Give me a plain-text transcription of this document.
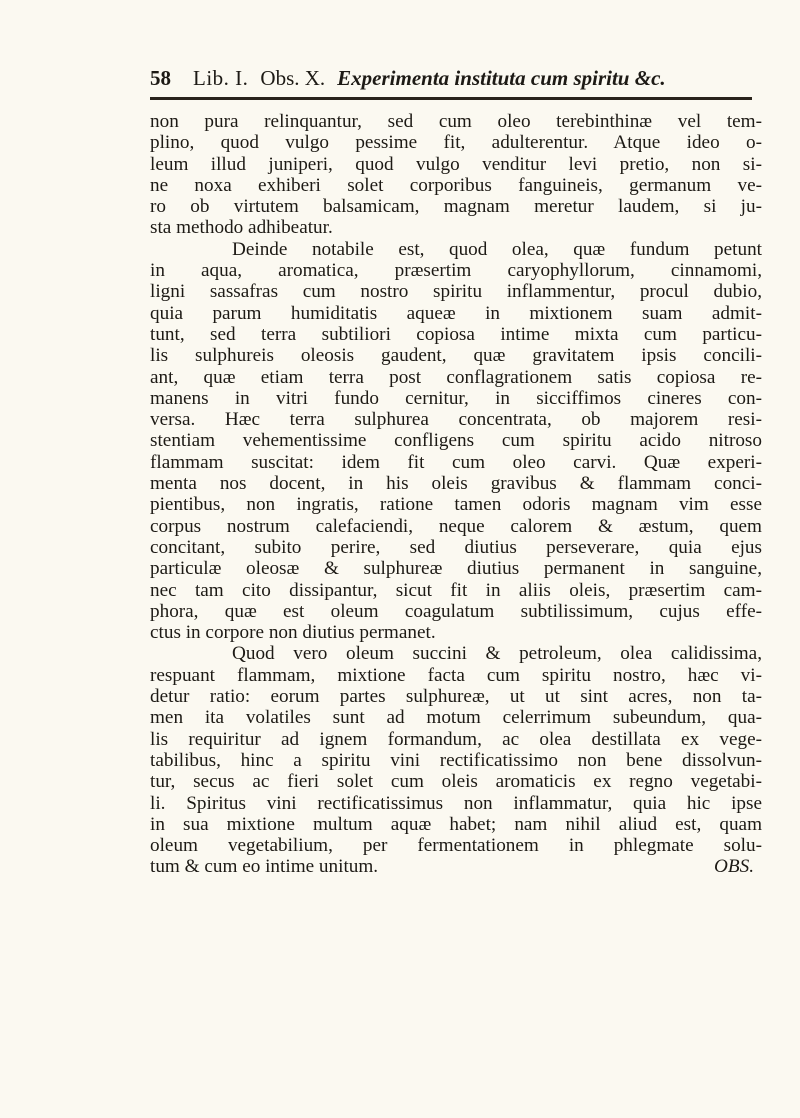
58 Lib. I. Obs. X. Experimenta instituta cum spiritu &c.
non pura relinquantur, sed cum oleo terebinthinæ vel tem-
plino, quod vulgo pessime fit, adulterentur. Atque ideo o-
leum illud juniperi, quod vulgo venditur levi pretio, non si-
ne noxa exhiberi solet corporibus fanguineis, germanum ve-
ro ob virtutem balsamicam, magnam meretur laudem, si ju-
sta methodo adhibeatur.
Deinde notabile est, quod olea, quæ fundum petunt
in aqua, aromatica, præsertim caryophyllorum, cinnamomi,
ligni sassafras cum nostro spiritu inflammentur, procul dubio,
quia parum humiditatis aqueæ in mixtionem suam admit-
tunt, sed terra subtiliori copiosa intime mixta cum particu-
lis sulphureis oleosis gaudent, quæ gravitatem ipsis concili-
ant, quæ etiam terra post conflagrationem satis copiosa re-
manens in vitri fundo cernitur, in sicciffimos cineres con-
versa. Hæc terra sulphurea concentrata, ob majorem resi-
stentiam vehementissime confligens cum spiritu acido nitroso
flammam suscitat: idem fit cum oleo carvi. Quæ experi-
menta nos docent, in his oleis gravibus & flammam conci-
pientibus, non ingratis, ratione tamen odoris magnam vim esse
corpus nostrum calefaciendi, neque calorem & æstum, quem
concitant, subito perire, sed diutius perseverare, quia ejus
particulæ oleosæ & sulphureæ diutius permanent in sanguine,
nec tam cito dissipantur, sicut fit in aliis oleis, præsertim cam-
phora, quæ est oleum coagulatum subtilissimum, cujus effe-
ctus in corpore non diutius permanet.
Quod vero oleum succini & petroleum, olea calidissima,
respuant flammam, mixtione facta cum spiritu nostro, hæc vi-
detur ratio: eorum partes sulphureæ, ut ut sint acres, non ta-
men ita volatiles sunt ad motum celerrimum subeundum, qua-
lis requiritur ad ignem formandum, ac olea destillata ex vege-
tabilibus, hinc a spiritu vini rectificatissimo non bene dissolvun-
tur, secus ac fieri solet cum oleis aromaticis ex regno vegetabi-
li. Spiritus vini rectificatissimus non inflammatur, quia hic ipse
in sua mixtione multum aquæ habet; nam nihil aliud est, quam
oleum vegetabilium, per fermentationem in phlegmate solu-
tum & cum eo intime unitum.	OBS.
